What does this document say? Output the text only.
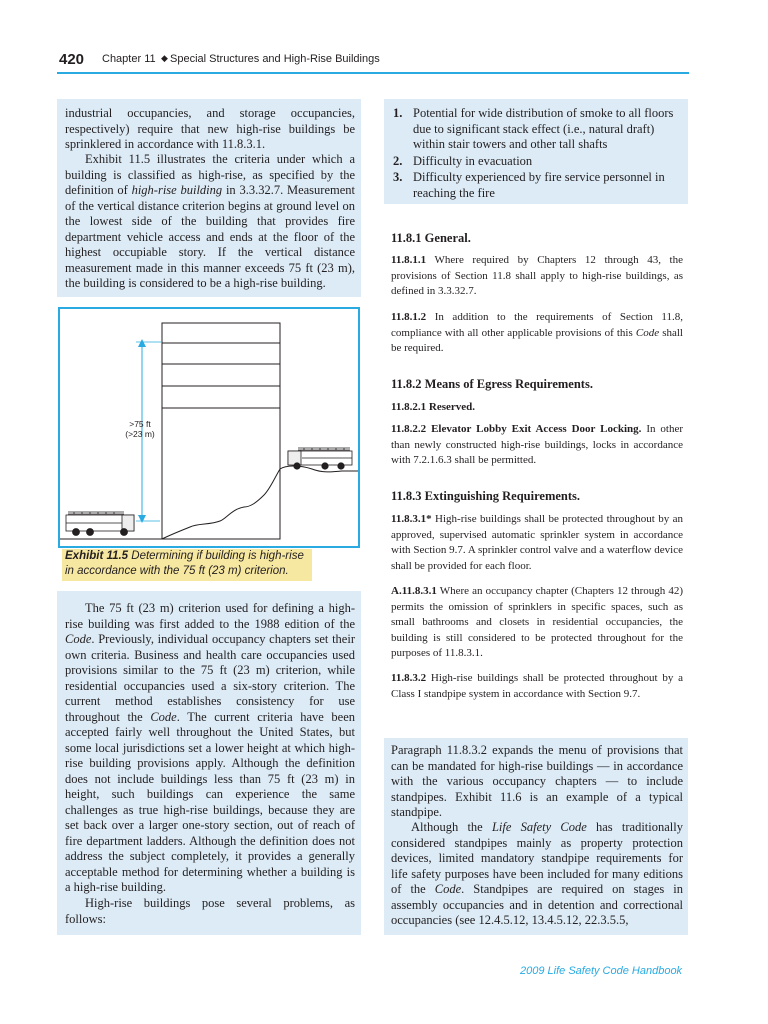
420 Chapter 11 ◆ Special Structures and High-Rise Buildings

industrial occupancies, and storage occupancies, respectively) require that new high-rise buildings be sprinklered in accordance with 11.8.3.1.

Exhibit 11.5 illustrates the criteria under which a building is classified as high-rise, as specified by the definition of high-rise building in 3.3.32.7. Measurement of the vertical distance criterion begins at ground level on the lowest side of the building that provides fire department vehicle access and ends at the floor of the highest occupiable story. If the vertical distance measurement made in this manner exceeds 75 ft (23 m), the building is considered to be a high-rise building.

>75 ft
(>23 m)
Exhibit 11.5 Determining if building is high-rise in accordance with the 75 ft (23 m) criterion.

The 75 ft (23 m) criterion used for defining a high-rise building was first added to the 1988 edition of the Code. Previously, individual occupancy chapters set their own criteria. Business and health care occupancies used provisions similar to the 75 ft (23 m) criterion, while residential occupancies used a six-story criterion. The current method establishes consistency for use throughout the Code. The current criteria have been accepted fairly well throughout the United States, but some local jurisdictions set a lower height at which high-rise building provisions apply. Although the definition does not include buildings less than 75 ft (23 m) in height, such buildings can experience the same challenges as true high-rise buildings, because they are set back over a larger one-story section, out of reach of fire department ladders. Although the definition does not address the subject completely, it provides a generally acceptable method for determining whether a building is a high-rise building.

High-rise buildings pose several problems, as follows:

1. Potential for wide distribution of smoke to all floors due to significant stack effect (i.e., natural draft) within stair towers and other tall shafts
2. Difficulty in evacuation
3. Difficulty experienced by fire service personnel in reaching the fire
11.8.1 General.

11.8.1.1 Where required by Chapters 12 through 43, the provisions of Section 11.8 shall apply to high-rise buildings, as defined in 3.3.32.7.

11.8.1.2 In addition to the requirements of Section 11.8, compliance with all other applicable provisions of this Code shall be required.

11.8.2 Means of Egress Requirements.

11.8.2.1 Reserved.

11.8.2.2 Elevator Lobby Exit Access Door Locking. In other than newly constructed high-rise buildings, locks in accordance with 7.2.1.6.3 shall be permitted.

11.8.3 Extinguishing Requirements.

11.8.3.1* High-rise buildings shall be protected throughout by an approved, supervised automatic sprinkler system in accordance with Section 9.7. A sprinkler control valve and a waterflow device shall be provided for each floor.

A.11.8.3.1 Where an occupancy chapter (Chapters 12 through 42) permits the omission of sprinklers in specific spaces, such as small bathrooms and closets in residential occupancies, the building is still considered to be protected throughout for the purposes of 11.8.3.1.

11.8.3.2 High-rise buildings shall be protected throughout by a Class I standpipe system in accordance with Section 9.7.

Paragraph 11.8.3.2 expands the menu of provisions that can be mandated for high-rise buildings — in accordance with the various occupancy chapters — to include standpipes. Exhibit 11.6 is an example of a typical standpipe.

Although the Life Safety Code has traditionally considered standpipes mainly as property protection devices, limited mandatory standpipe requirements for life safety purposes have been included for many editions of the Code. Standpipes are required on stages in assembly occupancies and in detention and correctional occupancies (see 12.4.5.12, 13.4.5.12, 22.3.5.5,

2009 Life Safety Code Handbook
